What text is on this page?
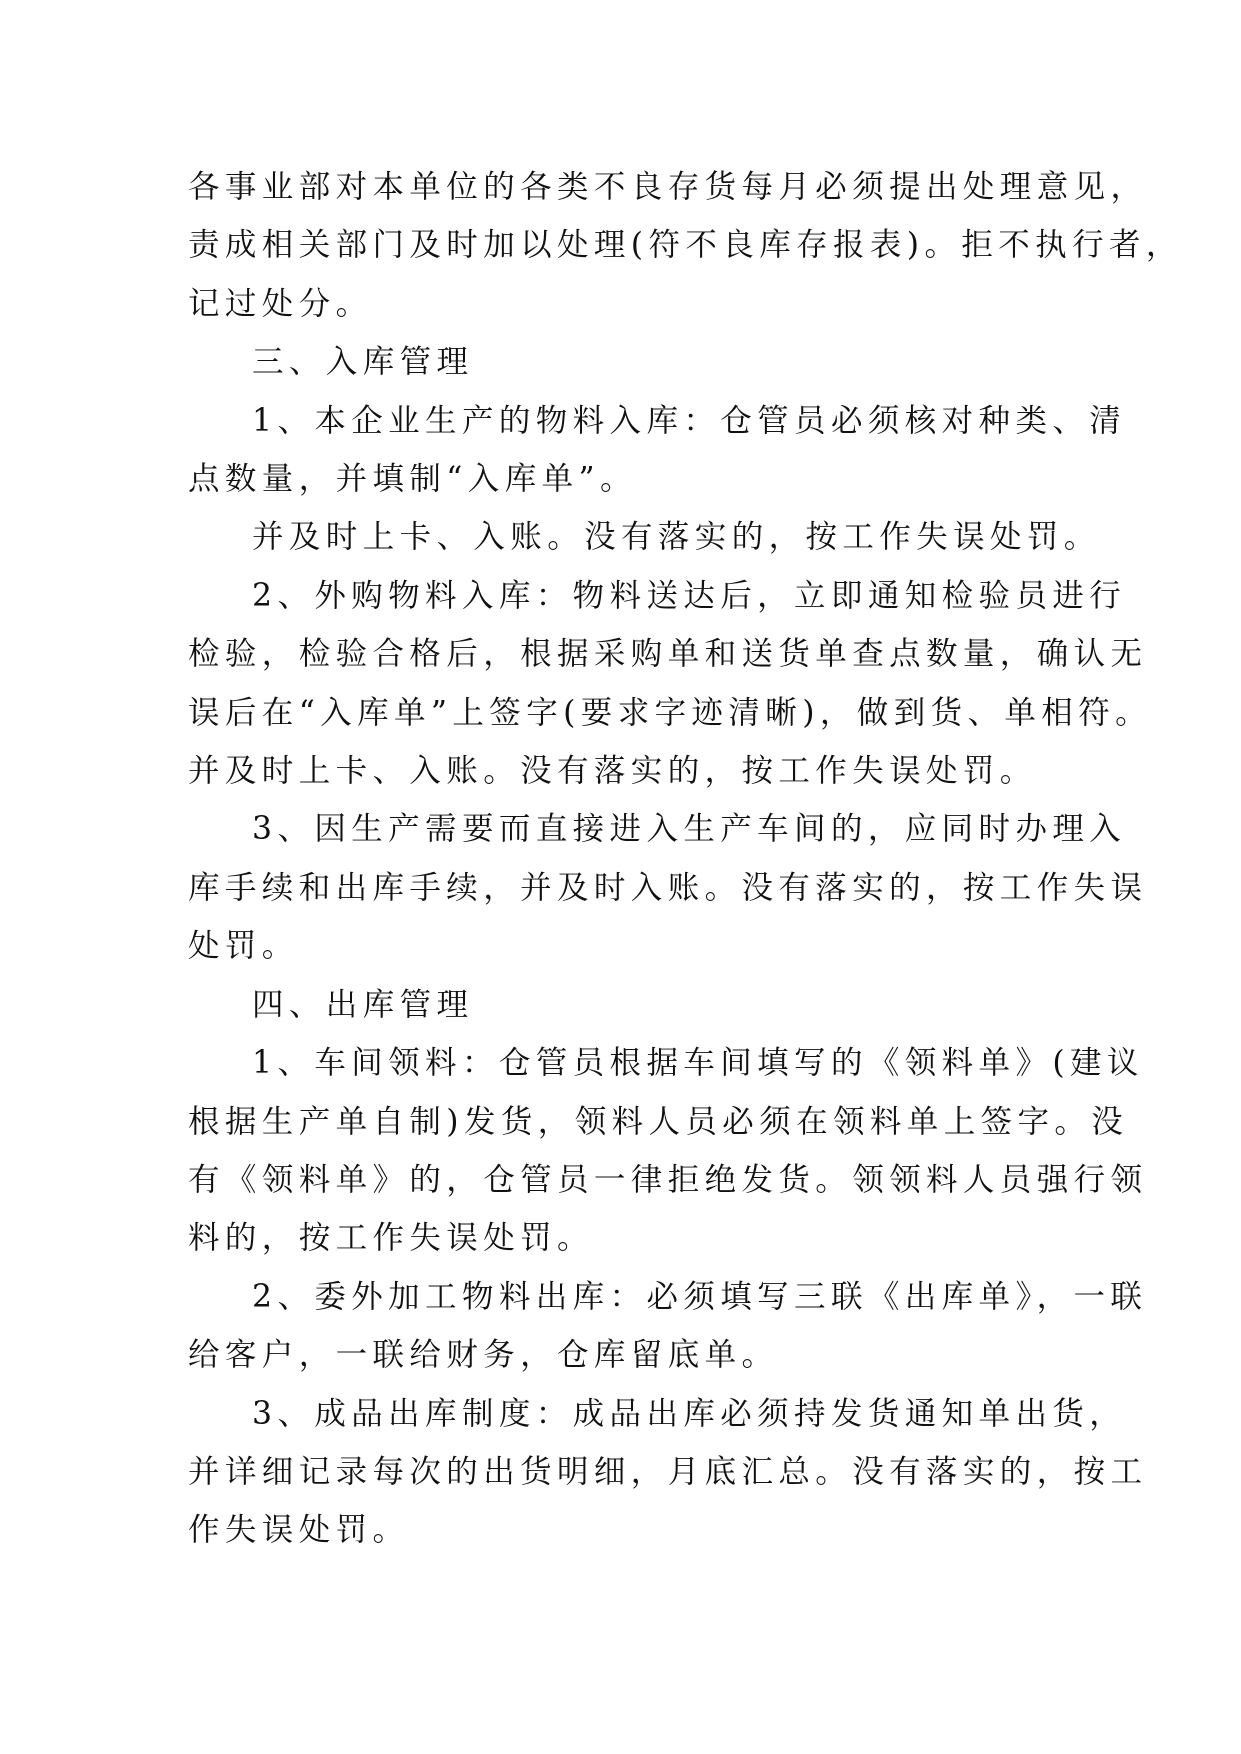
各事业部对本单位的各类不良存货每月必须提出处理意见，

责成相关部门及时加以处理(符不良库存报表)。拒不执行者，

记过处分。

三、入库管理

1、本企业生产的物料入库：仓管员必须核对种类、清

点数量，并填制“入库单”。

并及时上卡、入账。没有落实的，按工作失误处罚。

2、外购物料入库：物料送达后，立即通知检验员进行

检验，检验合格后，根据采购单和送货单查点数量，确认无

误后在“入库单”上签字(要求字迹清晰)，做到货、单相符。

并及时上卡、入账。没有落实的，按工作失误处罚。

3、因生产需要而直接进入生产车间的，应同时办理入

库手续和出库手续，并及时入账。没有落实的，按工作失误

处罚。

四、出库管理

1、车间领料：仓管员根据车间填写的《领料单》(建议

根据生产单自制)发货，领料人员必须在领料单上签字。没

有《领料单》的，仓管员一律拒绝发货。领领料人员强行领

料的，按工作失误处罚。

2、委外加工物料出库：必须填写三联《出库单》，一联

给客户，一联给财务，仓库留底单。

3、成品出库制度：成品出库必须持发货通知单出货，

并详细记录每次的出货明细，月底汇总。没有落实的，按工

作失误处罚。
